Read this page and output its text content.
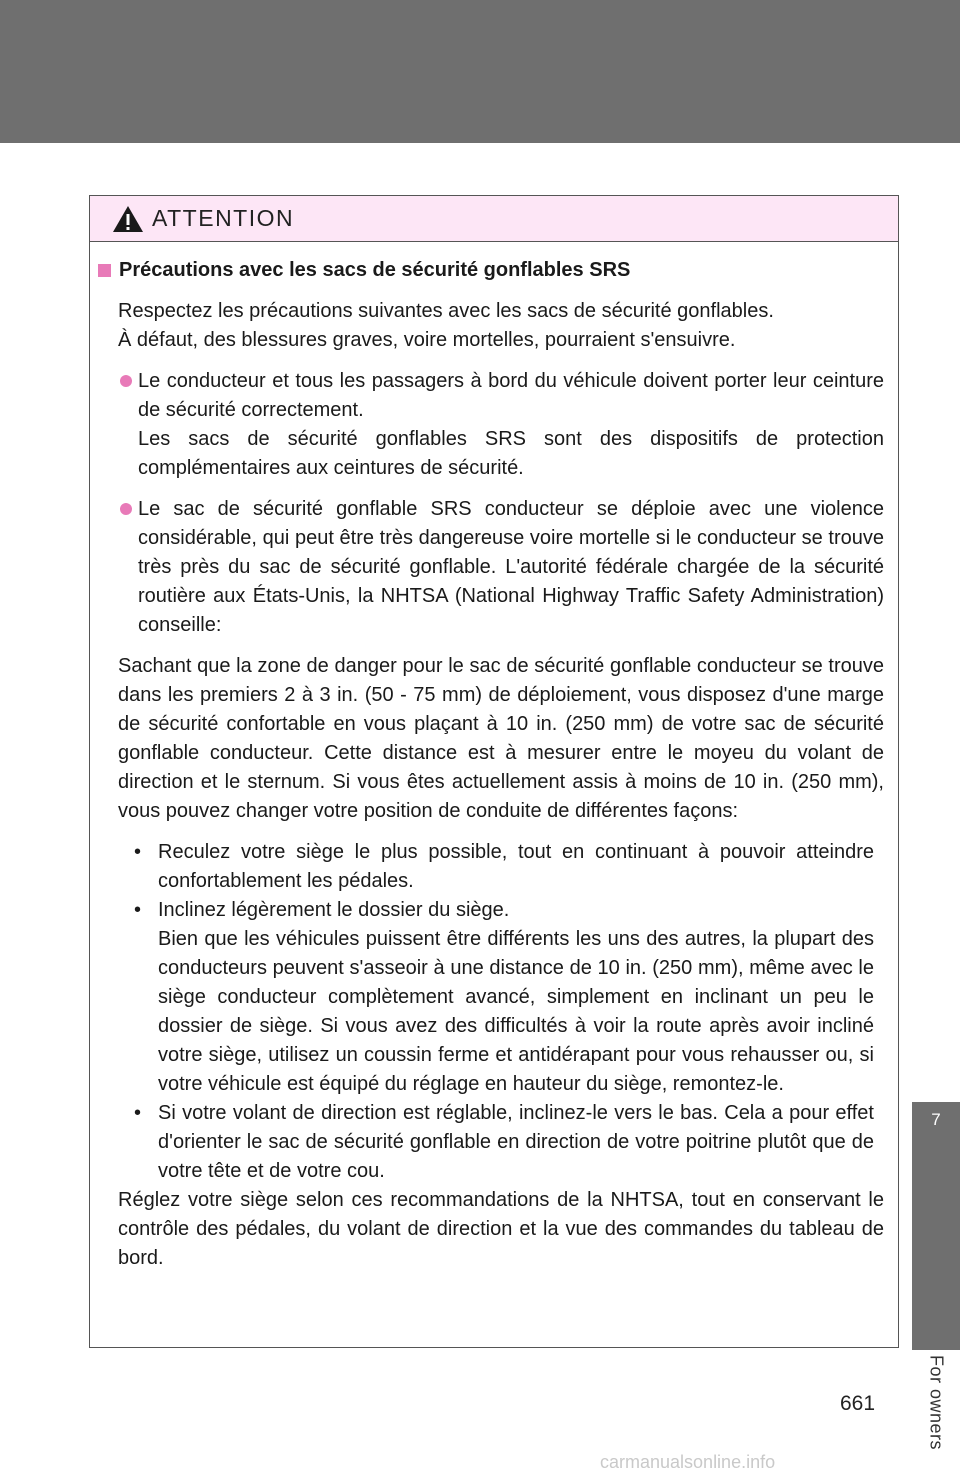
7
For owners
ATTENTION
Précautions avec les sacs de sécurité gonflables SRS

Respectez les précautions suivantes avec les sacs de sécurité gonflables.

À défaut, des blessures graves, voire mortelles, pourraient s'ensuivre.

Le conducteur et tous les passagers à bord du véhicule doivent porter leur ceinture de sécurité correctement.

Les sacs de sécurité gonflables SRS sont des dispositifs de protection complémentaires aux ceintures de sécurité.

Le sac de sécurité gonflable SRS conducteur se déploie avec une violence considérable, qui peut être très dangereuse voire mortelle si le conducteur se trouve très près du sac de sécurité gonflable. L'autorité fédérale chargée de la sécurité routière aux États-Unis, la NHTSA (National Highway Traffic Safety Administration) conseille:

Sachant que la zone de danger pour le sac de sécurité gonflable conducteur se trouve dans les premiers 2 à 3 in. (50 - 75 mm) de déploiement, vous disposez d'une marge de sécurité confortable en vous plaçant à 10 in. (250 mm) de votre sac de sécurité gonflable conducteur. Cette distance est à mesurer entre le moyeu du volant de direction et le sternum. Si vous êtes actuellement assis à moins de 10 in. (250 mm), vous pouvez changer votre position de conduite de différentes façons:

• Reculez votre siège le plus possible, tout en continuant à pouvoir atteindre confortablement les pédales.

• Inclinez légèrement le dossier du siège.

Bien que les véhicules puissent être différents les uns des autres, la plupart des conducteurs peuvent s'asseoir à une distance de 10 in. (250 mm), même avec le siège conducteur complètement avancé, simplement en inclinant un peu le dossier de siège. Si vous avez des difficultés à voir la route après avoir incliné votre siège, utilisez un coussin ferme et antidérapant pour vous rehausser ou, si votre véhicule est équipé du réglage en hauteur du siège, remontez-le.

• Si votre volant de direction est réglable, inclinez-le vers le bas. Cela a pour effet d'orienter le sac de sécurité gonflable en direction de votre poitrine plutôt que de votre tête et de votre cou.

Réglez votre siège selon ces recommandations de la NHTSA, tout en conservant le contrôle des pédales, du volant de direction et la vue des commandes du tableau de bord.

661
carmanualsonline.info
